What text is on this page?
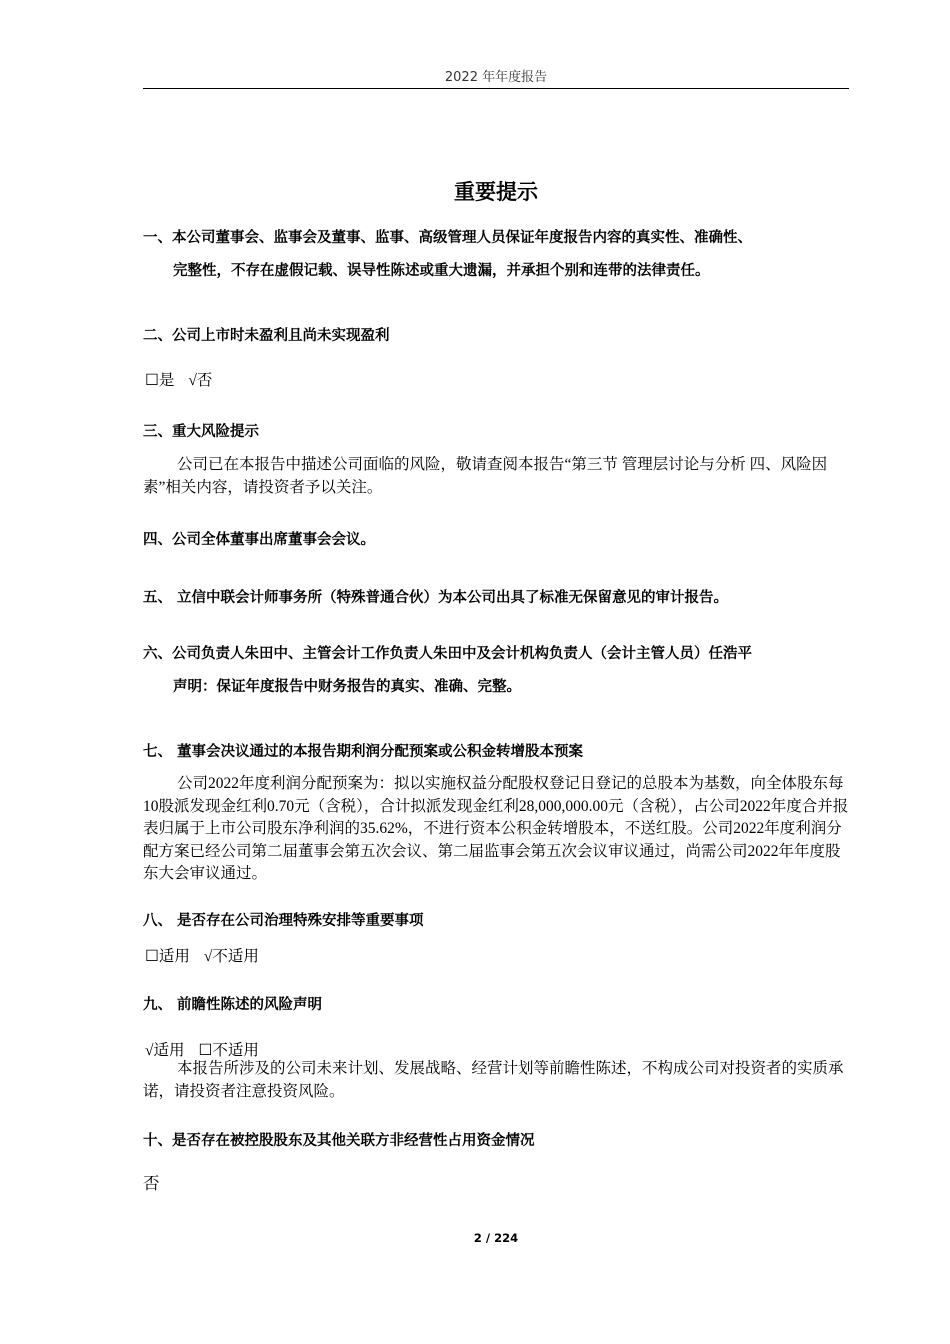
2022 年年度报告
重要提示
一、本公司董事会、监事会及董事、监事、高级管理人员保证年度报告内容的真实性、准确性、
完整性，不存在虚假记载、误导性陈述或重大遗漏，并承担个别和连带的法律责任。
二、公司上市时未盈利且尚未实现盈利
☐是 √否
三、重大风险提示
公司已在本报告中描述公司面临的风险，敬请查阅本报告“第三节 管理层讨论与分析 四、风险因素”相关内容，请投资者予以关注。
四、公司全体董事出席董事会会议。
五、 立信中联会计师事务所（特殊普通合伙）为本公司出具了标准无保留意见的审计报告。
六、公司负责人朱田中、主管会计工作负责人朱田中及会计机构负责人（会计主管人员）任浩平
声明：保证年度报告中财务报告的真实、准确、完整。
七、 董事会决议通过的本报告期利润分配预案或公积金转增股本预案
公司2022年度利润分配预案为：拟以实施权益分配股权登记日登记的总股本为基数，向全体股东每10股派发现金红利0.70元（含税），合计拟派发现金红利28,000,000.00元（含税），占公司2022年度合并报表归属于上市公司股东净利润的35.62%，不进行资本公积金转增股本，不送红股。公司2022年度利润分配方案已经公司第二届董事会第五次会议、第二届监事会第五次会议审议通过，尚需公司2022年年度股东大会审议通过。
八、 是否存在公司治理特殊安排等重要事项
☐适用 √不适用
九、 前瞻性陈述的风险声明
√适用 ☐不适用
本报告所涉及的公司未来计划、发展战略、经营计划等前瞻性陈述，不构成公司对投资者的实质承诺，请投资者注意投资风险。
十、是否存在被控股股东及其他关联方非经营性占用资金情况
否
2 / 224
